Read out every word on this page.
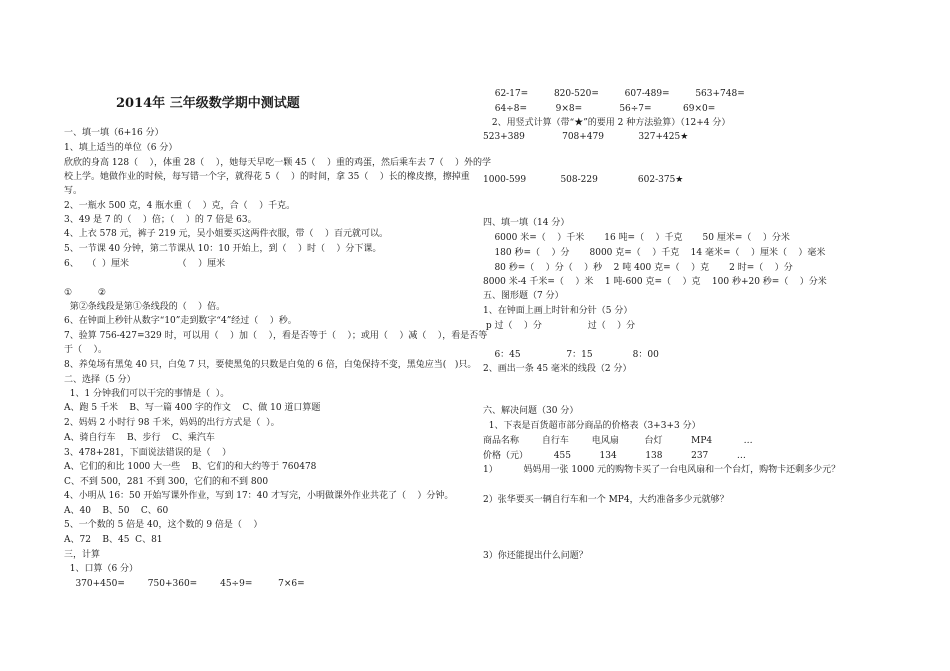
2014年 三年级数学期中测试题
一、填一填（6+16 分）
1、填上适当的单位（6 分）
欣欣的身高 128（    ），体重 28（    ），她每天早吃一颗 45（    ）重的鸡蛋，然后乘车去 7（    ）外的学
校上学。她做作业的时候，每写错一个字，就得花 5（    ）的时间，拿 35（    ）长的橡皮擦，擦掉重
写。
2、一瓶水 500 克，4 瓶水重（    ）克，合（    ）千克。
3、49 是 7 的（    ）倍；（    ）的 7 倍是 63。
4、上衣 578 元，裤子 219 元，吴小姐要买这两件衣服，带（    ）百元就可以。
5、一节课 40 分钟，第二节课从 10：10 开始上，到（    ）时（    ）分下课。
6、   （  ）厘米                 （    ）厘米
①         ②
第②条线段是第①条线段的（    ）倍。
6、在钟面上秒针从数字“10”走到数字“4”经过（    ）秒。
7、验算 756-427=329 时，可以用（    ）加（    ），看是否等于（    ）；或用（    ）减（    ），看是否等
于（    ）。
8、养兔场有黑兔 40 只，白兔 7 只，要使黑兔的只数是白兔的 6 倍，白兔保持不变，黑兔应当(   )只。
二、选择（5 分）
1、1 分钟我们可以干完的事情是（  ）。
A、跑 5 千米    B、写一篇 400 字的作文    C、做 10 道口算题
2、妈妈 2 小时行 98 千米，妈妈的出行方式是（  ）。
A、骑自行车    B、步行    C、乘汽车
3、478+281，下面说法错误的是（    ）
A、它们的和比 1000 大一些    B、它们的和大约等于 760478
C、不到 500，281 不到 300，它们的和不到 800
4、小明从 16：50 开始写课外作业，写到 17：40 才写完，小明做课外作业共花了（    ）分钟。
A、40    B、50    C、60
5、一个数的 5 倍是 40，这个数的 9 倍是（    ）
A、72    B、45  C、81
三，计算
1、口算（6 分）
370+450=        750+360=        45÷9=         7×6=
62-17=         820-520=         607-489=         563+748=
64÷8=          9×8=             56÷7=           69×0=
2、用竖式计算（带“★”的要用 2 种方法验算）（12+4 分）
523+389             708+479            327+425★
1000-599            508-229              602-375★
四、填一填（14 分）
6000 米=（    ）千米       16 吨=（    ）千克       50 厘米=（    ）分米
180 秒=（    ）分       8000 克=（    ）千克    14 毫米=（    ）厘米（    ）毫米
80 秒=（    ）分（    ）秒    2 吨 400 克=（    ）克       2 时=（    ）分
8000 米-4 千米=（    ）米    1 吨-600 克=（    ）克    100 秒+20 秒=（    ）分米
五、图形题（7 分）
1、在钟面上画上时针和分针（5 分）
p 过（    ）分                过（    ）分
6：45                7：15              8：00
2、画出一条 45 毫米的线段（2 分）
六、解决问题（30 分）
1、下表是百货超市部分商品的价格表（3+3+3 分）
商品名称        自行车        电风扇         台灯          MP4           …
价格（元）         455          134          138          237          …
1）         妈妈用一张 1000 元的购物卡买了一台电风扇和一个台灯，购物卡还剩多少元？
2）张华要买一辆自行车和一个 MP4，大约准备多少元就够？
3）你还能提出什么问题？
